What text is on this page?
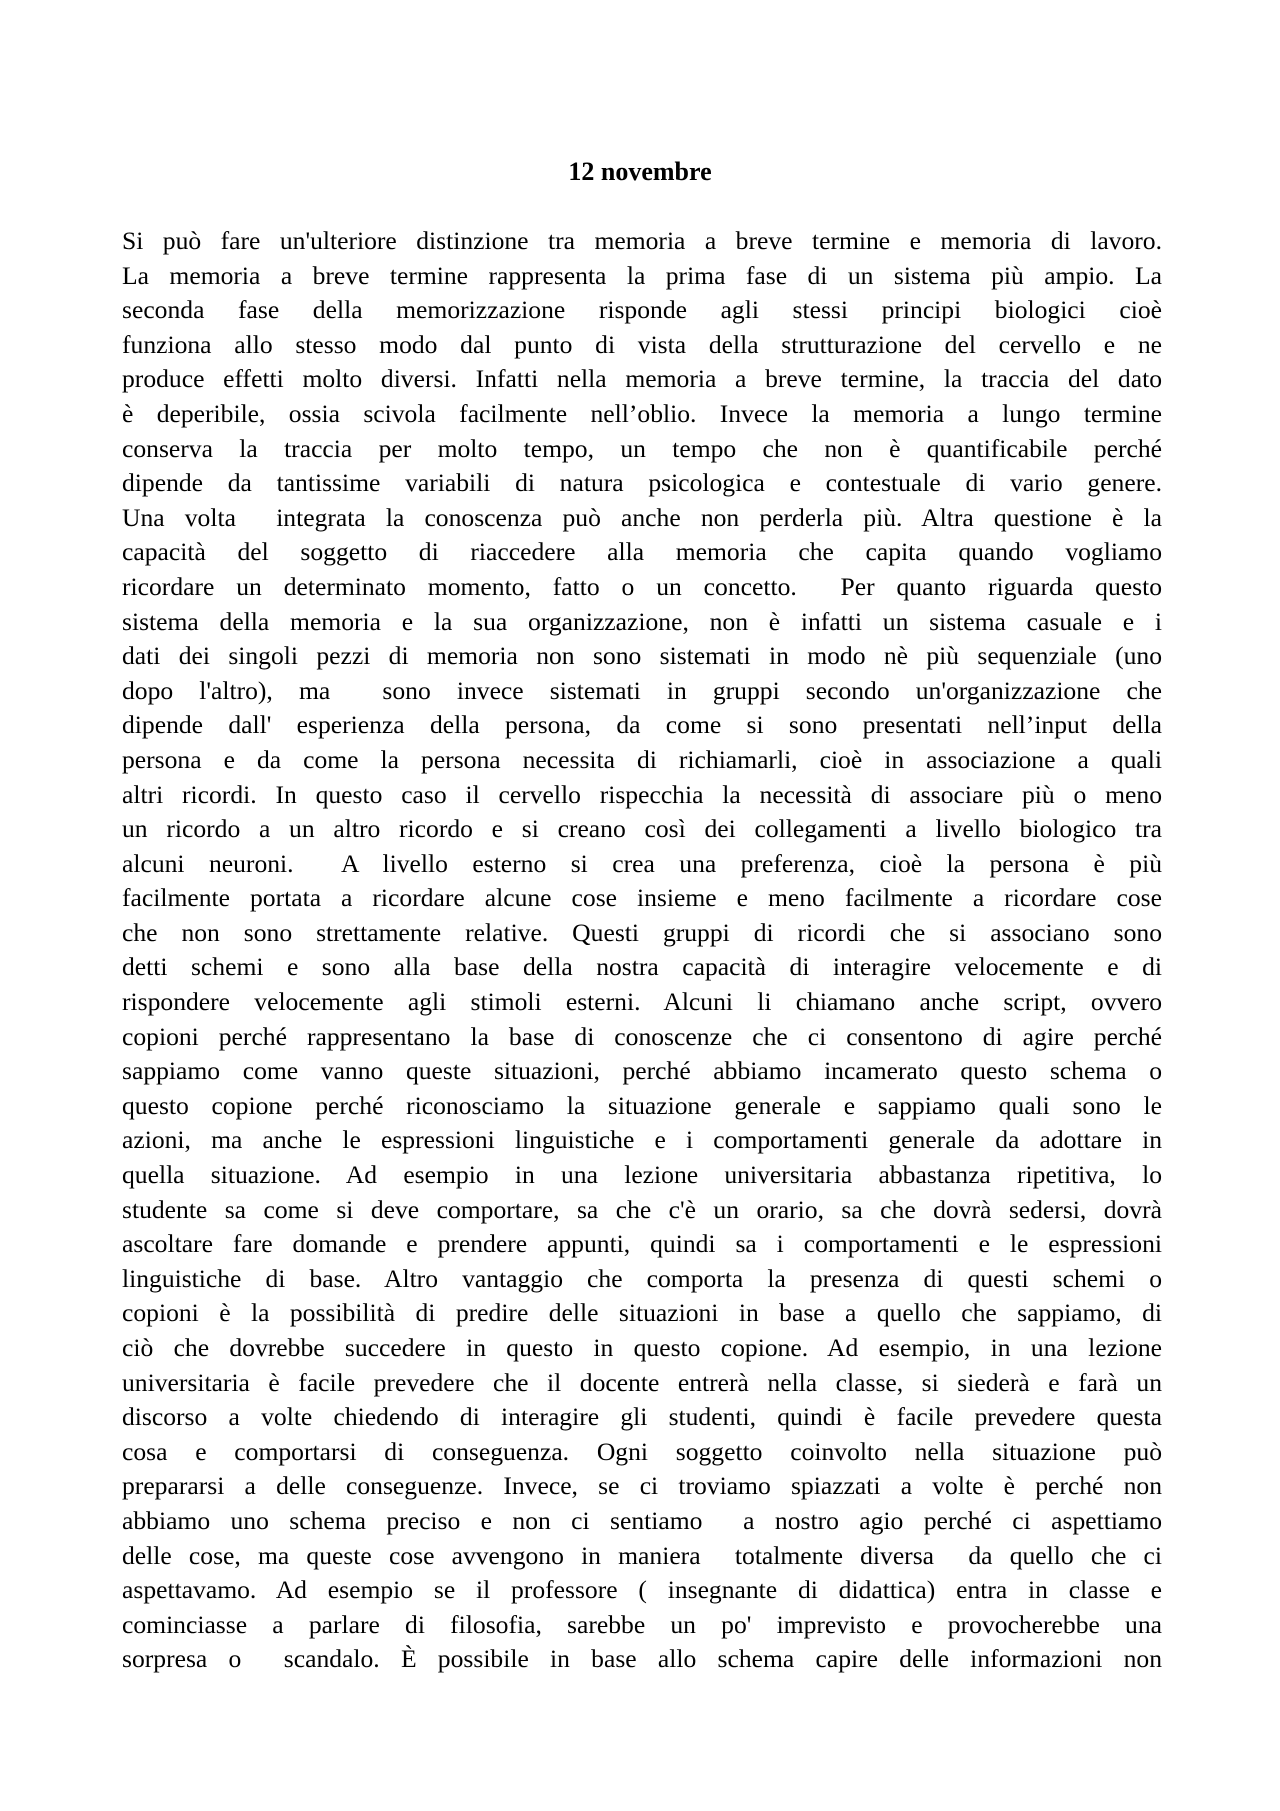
12 novembre
Si può fare un'ulteriore distinzione tra memoria a breve termine e memoria di lavoro.
La memoria a breve termine rappresenta la prima fase di un sistema più ampio. La
seconda fase della memorizzazione risponde agli stessi principi biologici cioè
funziona allo stesso modo dal punto di vista della strutturazione del cervello e ne
produce effetti molto diversi. Infatti nella memoria a breve termine, la traccia del dato
è deperibile, ossia scivola facilmente nell’oblio. Invece la memoria a lungo termine
conserva la traccia per molto tempo, un tempo che non è quantificabile perché
dipende da tantissime variabili di natura psicologica e contestuale di vario genere.
Una volta  integrata la conoscenza può anche non perderla più. Altra questione è la
capacità del soggetto di riaccedere alla memoria che capita quando vogliamo
ricordare un determinato momento, fatto o un concetto.  Per quanto riguarda questo
sistema della memoria e la sua organizzazione, non è infatti un sistema casuale e i
dati dei singoli pezzi di memoria non sono sistemati in modo nè più sequenziale (uno
dopo l'altro), ma  sono invece sistemati in gruppi secondo un'organizzazione che
dipende dall' esperienza della persona, da come si sono presentati nell’input della
persona e da come la persona necessita di richiamarli, cioè in associazione a quali
altri ricordi. In questo caso il cervello rispecchia la necessità di associare più o meno
un ricordo a un altro ricordo e si creano così dei collegamenti a livello biologico tra
alcuni neuroni.  A livello esterno si crea una preferenza, cioè la persona è più
facilmente portata a ricordare alcune cose insieme e meno facilmente a ricordare cose
che non sono strettamente relative. Questi gruppi di ricordi che si associano sono
detti schemi e sono alla base della nostra capacità di interagire velocemente e di
rispondere velocemente agli stimoli esterni. Alcuni li chiamano anche script, ovvero
copioni perché rappresentano la base di conoscenze che ci consentono di agire perché
sappiamo come vanno queste situazioni, perché abbiamo incamerato questo schema o
questo copione perché riconosciamo la situazione generale e sappiamo quali sono le
azioni, ma anche le espressioni linguistiche e i comportamenti generale da adottare in
quella situazione. Ad esempio in una lezione universitaria abbastanza ripetitiva, lo
studente sa come si deve comportare, sa che c'è un orario, sa che dovrà sedersi, dovrà
ascoltare fare domande e prendere appunti, quindi sa i comportamenti e le espressioni
linguistiche di base. Altro vantaggio che comporta la presenza di questi schemi o
copioni è la possibilità di predire delle situazioni in base a quello che sappiamo, di
ciò che dovrebbe succedere in questo in questo copione. Ad esempio, in una lezione
universitaria è facile prevedere che il docente entrerà nella classe, si siederà e farà un
discorso a volte chiedendo di interagire gli studenti, quindi è facile prevedere questa
cosa e comportarsi di conseguenza. Ogni soggetto coinvolto nella situazione può
prepararsi a delle conseguenze. Invece, se ci troviamo spiazzati a volte è perché non
abbiamo uno schema preciso e non ci sentiamo  a nostro agio perché ci aspettiamo
delle cose, ma queste cose avvengono in maniera  totalmente diversa  da quello che ci
aspettavamo. Ad esempio se il professore ( insegnante di didattica) entra in classe e
cominciasse a parlare di filosofia, sarebbe un po' imprevisto e provocherebbe una
sorpresa o  scandalo. È possibile in base allo schema capire delle informazioni non
